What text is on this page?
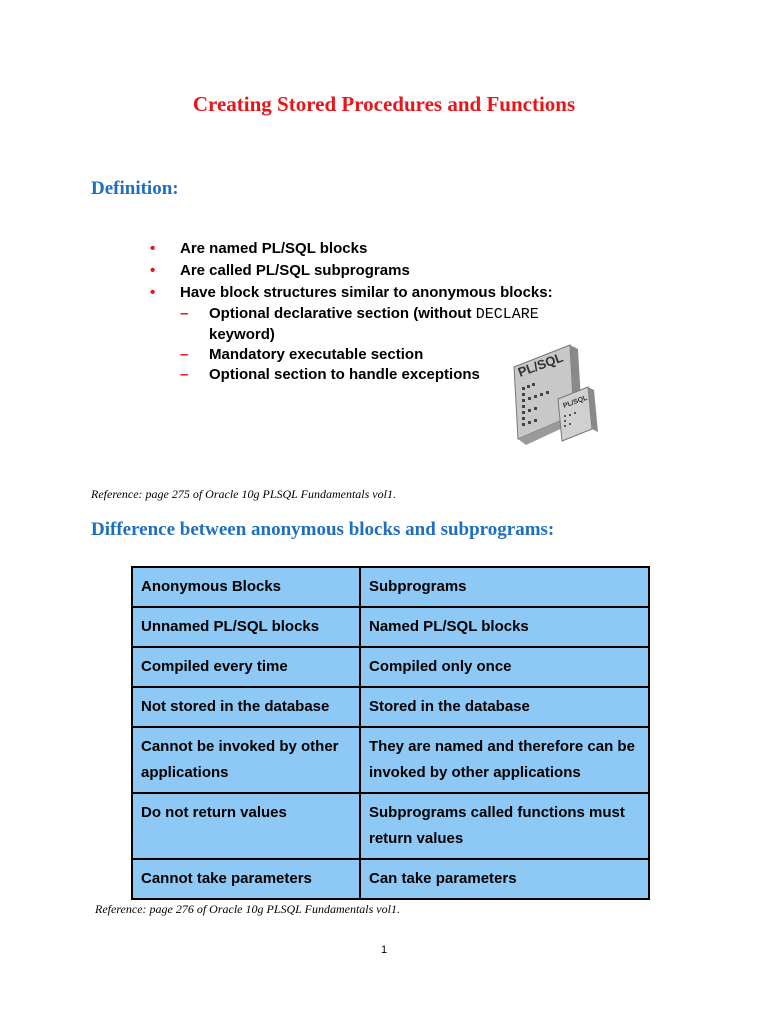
Creating Stored Procedures and Functions
Definition:
•	Are named PL/SQL blocks
•	Are called PL/SQL subprograms
•	Have block structures similar to anonymous blocks:
–	Optional declarative section (without DECLARE
keyword)
–	Mandatory executable section
–	Optional section to handle exceptions	PL/SQL
PL/SQL
Reference: page 275 of Oracle 10g PLSQL Fundamentals vol1.
Difference between anonymous blocks and subprograms:
Anonymous Blocks	Subprograms
Unnamed PL/SQL blocks	Named PL/SQL blocks
Compiled every time	Compiled only once
Not stored in the database	Stored in the database
Cannot be invoked by other applications	They are named and therefore can be invoked by other applications
Do not return values	Subprograms called functions must return values
Cannot take parameters	Can take parameters
Reference: page 276 of Oracle 10g PLSQL Fundamentals vol1.
1
